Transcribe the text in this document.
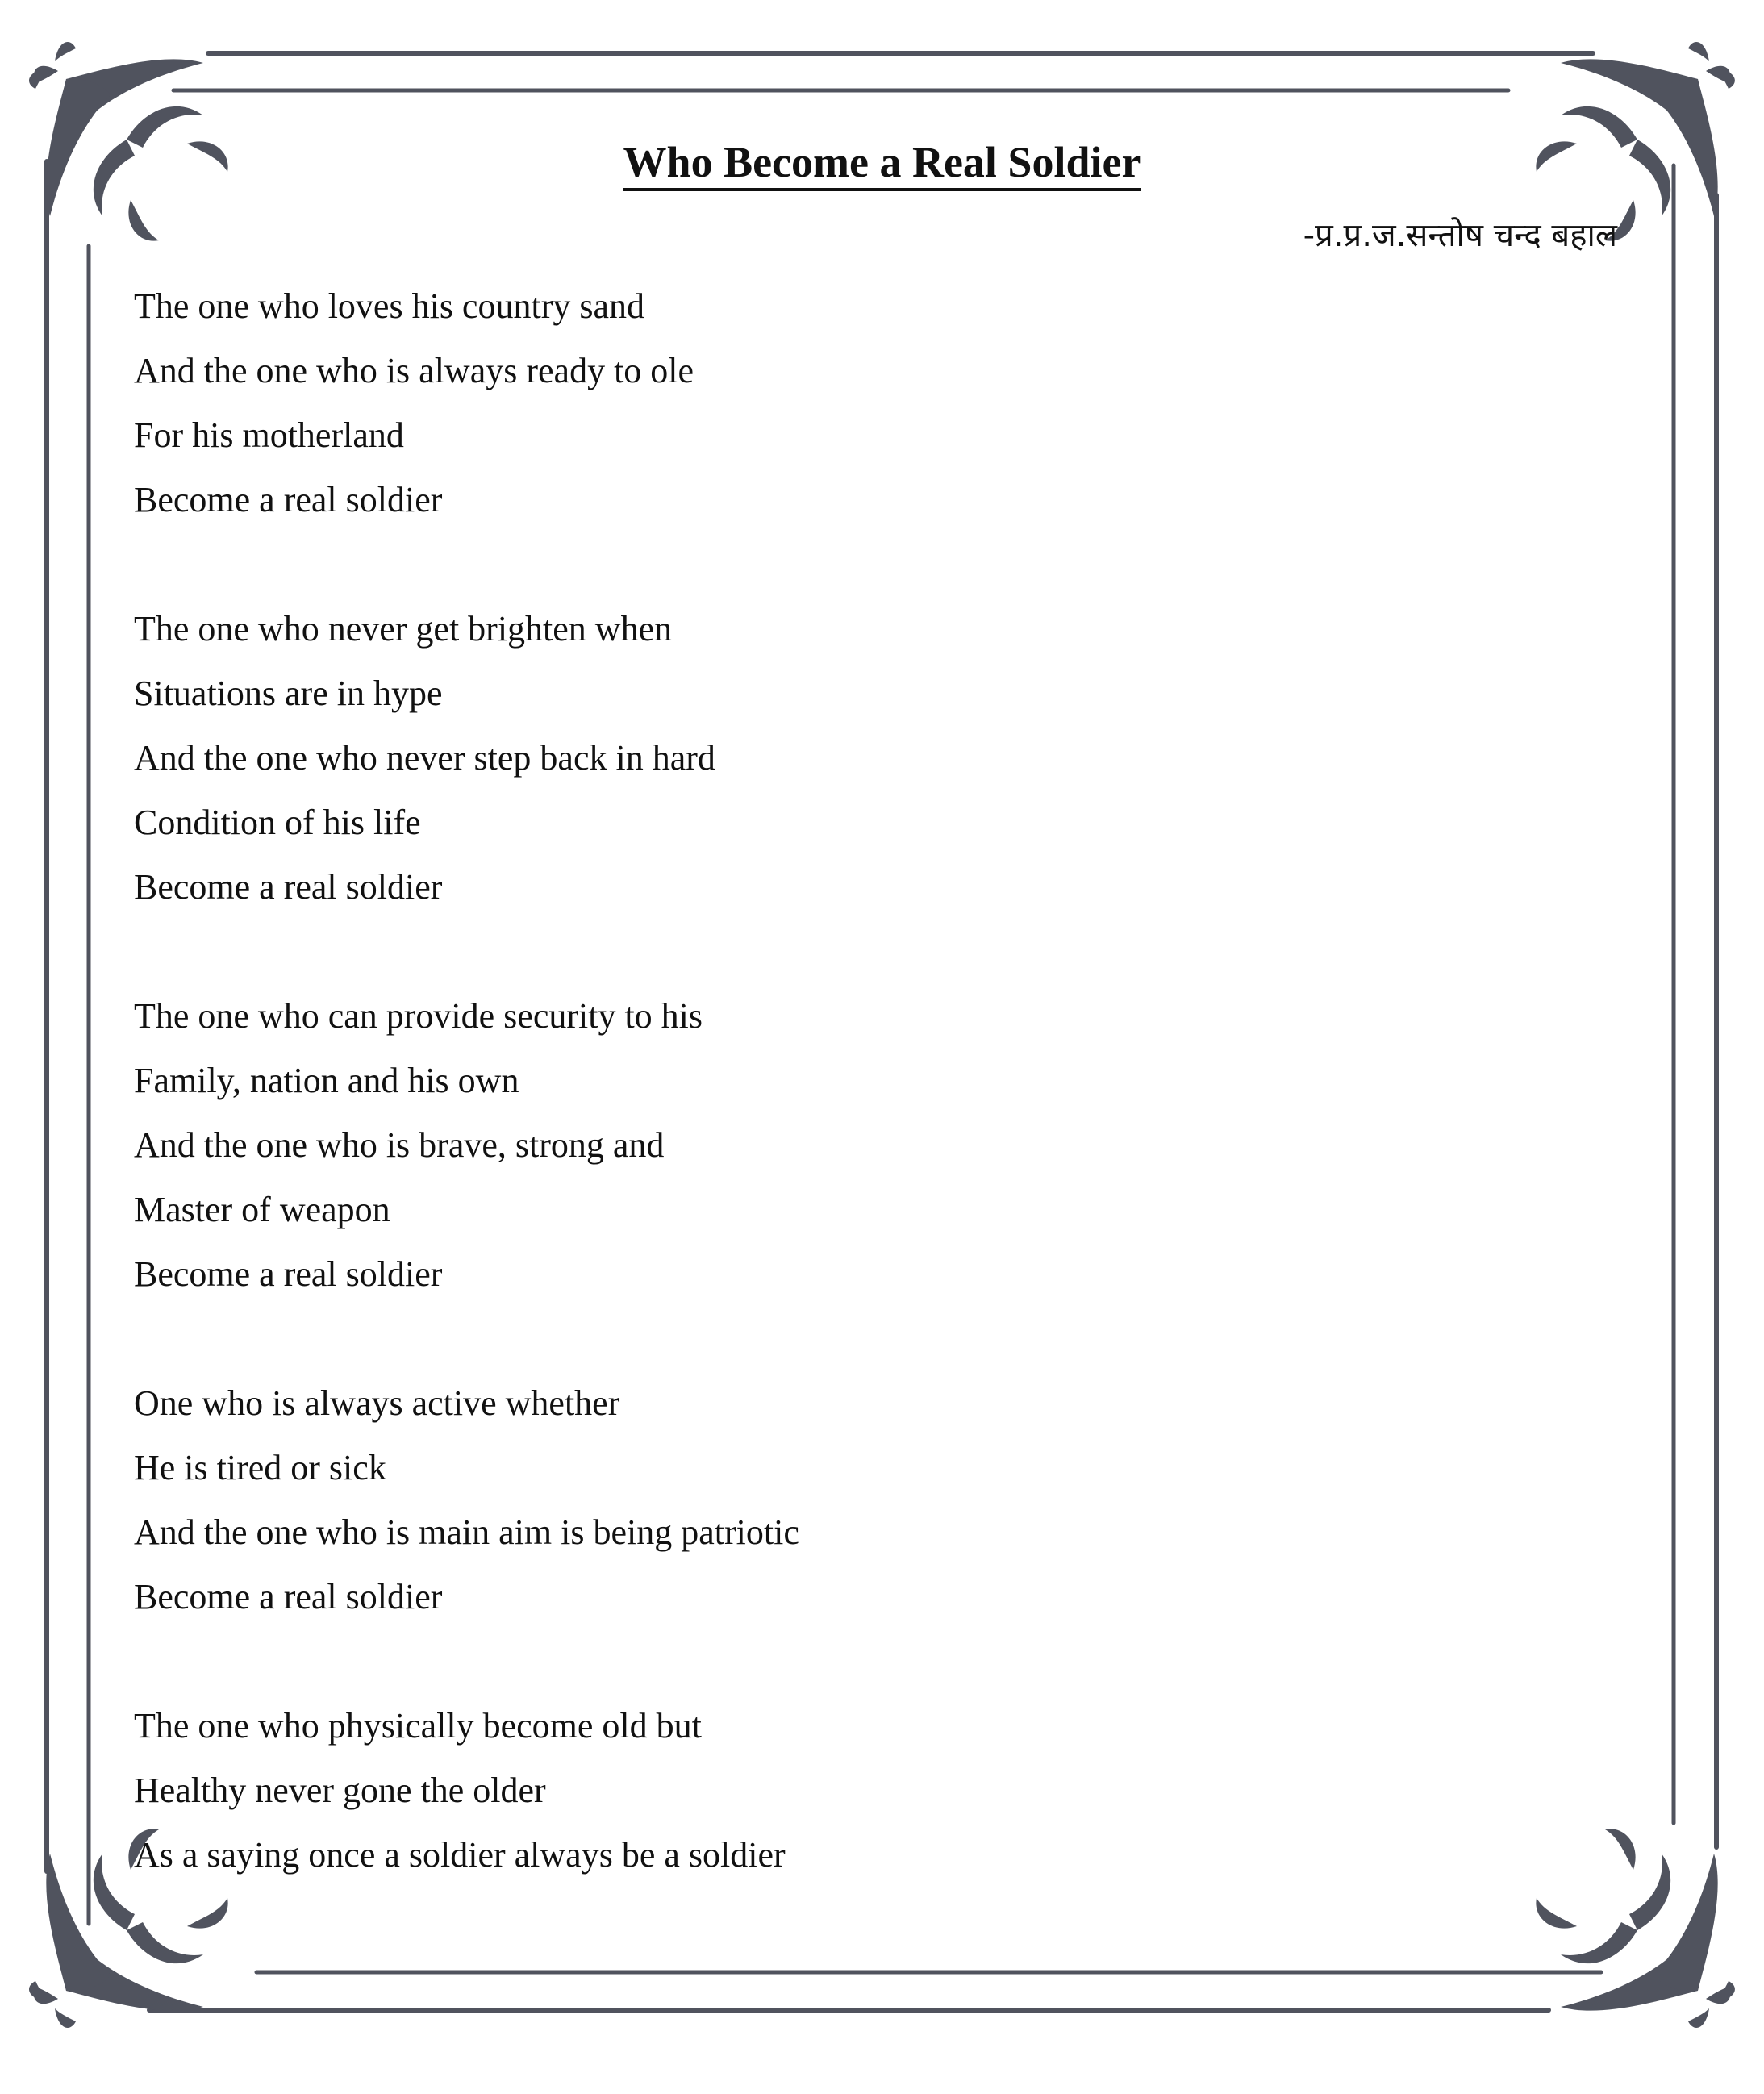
Who Become a Real Soldier
-प्र.प्र.ज.सन्तोष चन्द बहाल
The one who loves his country sand
And the one who is always ready to ole
For his motherland
Become a real soldier
The one who never get brighten when
Situations are in hype
And the one who never step back in hard
Condition of his life
Become a real soldier
The one who can provide security to his
Family, nation and his own
And the one who is brave, strong and
Master of weapon
Become a real soldier
One who is always active whether
He is tired or sick
And the one who is main aim is being patriotic
Become a real soldier
The one who physically become old but
Healthy never gone the older
As a saying once a soldier always be a soldier
